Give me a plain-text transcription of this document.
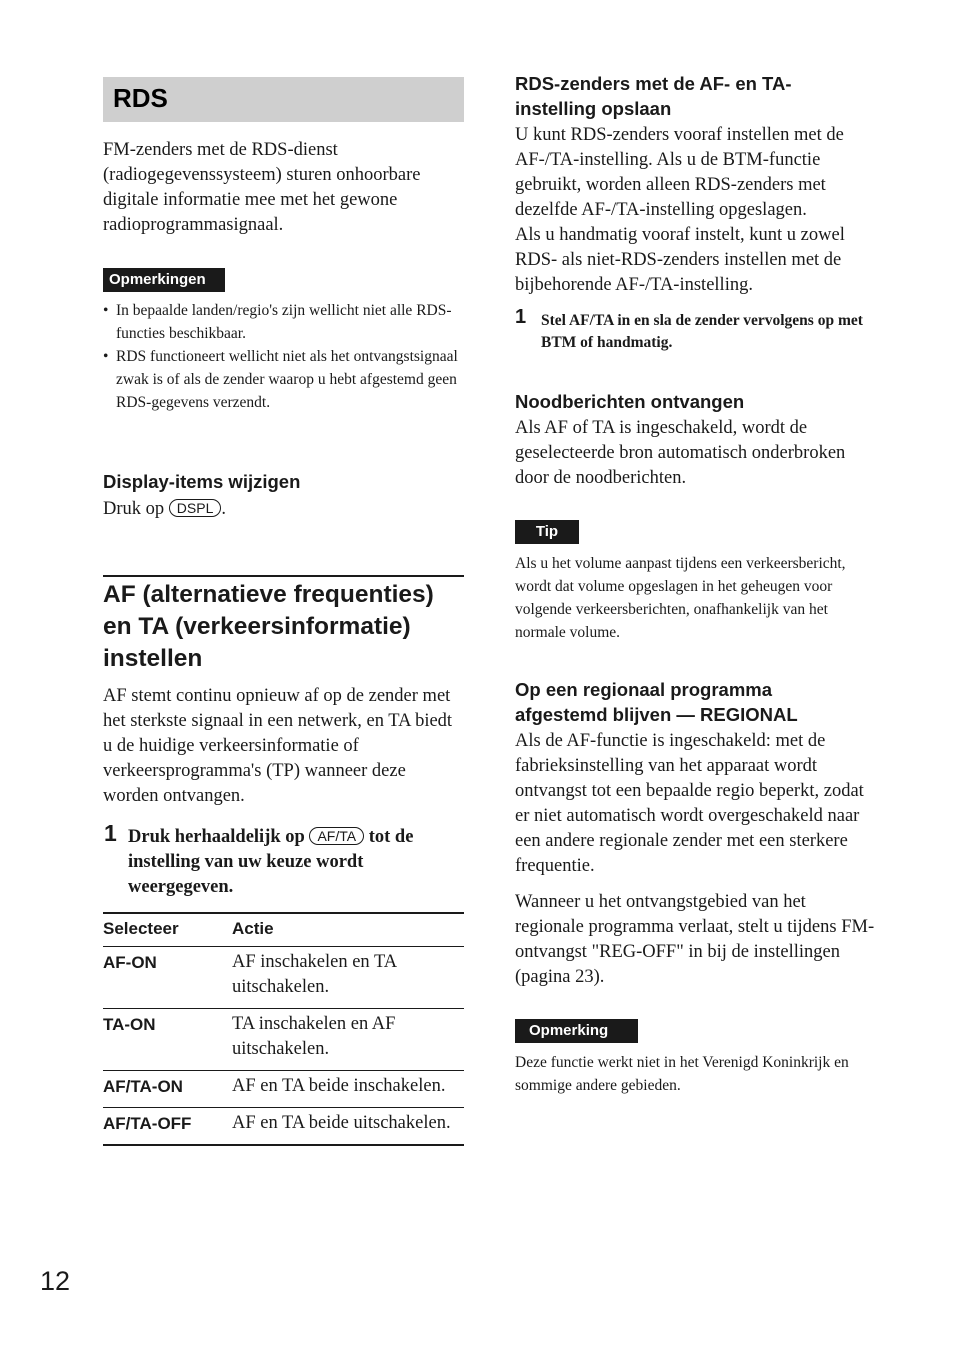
RDS

FM-zenders met de RDS-dienst (radiogegevenssysteem) sturen onhoorbare digitale informatie mee met het gewone radioprogrammasignaal.

Opmerkingen
• In bepaalde landen/regio's zijn wellicht niet alle RDS-functies beschikbaar.
• RDS functioneert wellicht niet als het ontvangstsignaal zwak is of als de zender waarop u hebt afgestemd geen RDS-gegevens verzendt.

Display-items wijzigen

Druk op DSPL .

AF (alternatieve frequenties)

en TA (verkeersinformatie)

instellen

AF stemt continu opnieuw af op de zender met het sterkste signaal in een netwerk, en TA biedt u de huidige verkeersinformatie of verkeersprogramma's (TP) wanneer deze worden ontvangen.

1 Druk herhaaldelijk op AF/TA tot de instelling van uw keuze wordt weergegeven.

Selecteer	Actie
AF-ON	AF inschakelen en TA uitschakelen.
TA-ON	TA inschakelen en AF uitschakelen.
AF/TA-ON	AF en TA beide inschakelen.
AF/TA-OFF	AF en TA beide uitschakelen.
12

RDS-zenders met de AF- en TA-instelling opslaan

U kunt RDS-zenders vooraf instellen met de AF-/TA-instelling. Als u de BTM-functie gebruikt, worden alleen RDS-zenders met dezelfde AF-/TA-instelling opgeslagen.

Als u handmatig vooraf instelt, kunt u zowel RDS- als niet-RDS-zenders instellen met de bijbehorende AF-/TA-instelling.

1 Stel AF/TA in en sla de zender vervolgens op met BTM of handmatig.

Noodberichten ontvangen

Als AF of TA is ingeschakeld, wordt de geselecteerde bron automatisch onderbroken door de noodberichten.

Tip

Als u het volume aanpast tijdens een verkeersbericht, wordt dat volume opgeslagen in het geheugen voor volgende verkeersberichten, onafhankelijk van het normale volume.

Op een regionaal programma

afgestemd blijven — REGIONAL

Als de AF-functie is ingeschakeld: met de fabrieksinstelling van het apparaat wordt ontvangst tot een bepaalde regio beperkt, zodat er niet automatisch wordt overgeschakeld naar een andere regionale zender met een sterkere frequentie.

Wanneer u het ontvangstgebied van het regionale programma verlaat, stelt u tijdens FM-ontvangst "REG-OFF" in bij de instellingen (pagina 23).

Opmerking

Deze functie werkt niet in het Verenigd Koninkrijk en sommige andere gebieden.
